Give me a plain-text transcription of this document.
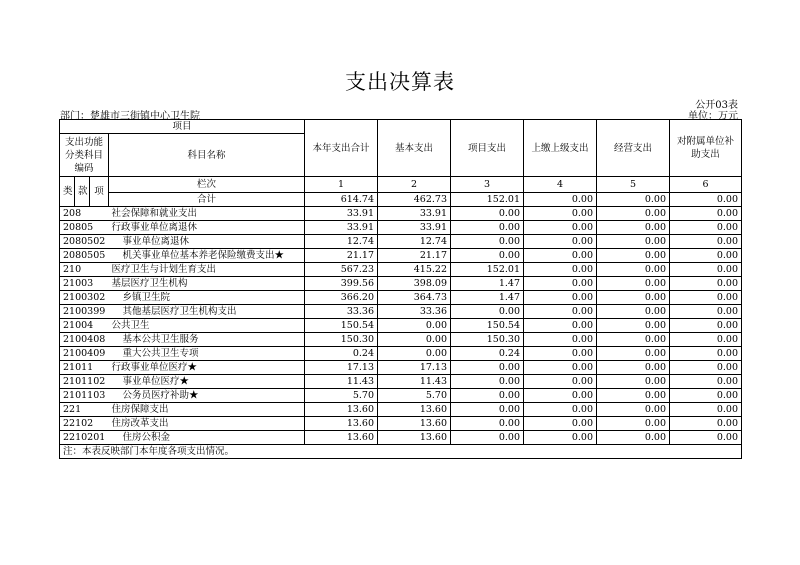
支出决算表
公开03表
部门：楚雄市三街镇中心卫生院	单位：万元
项目				本年支出合计	基本支出	项目支出	上缴上级支出	经营支出	对附属单位补助支出
支出功能分类科目编码			科目名称						
类	款	项	栏次	1	2	3	4	5	6
			合计	614.74	462.73	152.01	0.00	0.00	0.00
208			社会保障和就业支出	33.91	33.91	0.00	0.00	0.00	0.00
20805			行政事业单位离退休	33.91	33.91	0.00	0.00	0.00	0.00
2080502			事业单位离退休	12.74	12.74	0.00	0.00	0.00	0.00
2080505			机关事业单位基本养老保险缴费支出★	21.17	21.17	0.00	0.00	0.00	0.00
210			医疗卫生与计划生育支出	567.23	415.22	152.01	0.00	0.00	0.00
21003			基层医疗卫生机构	399.56	398.09	1.47	0.00	0.00	0.00
2100302			乡镇卫生院	366.20	364.73	1.47	0.00	0.00	0.00
2100399			其他基层医疗卫生机构支出	33.36	33.36	0.00	0.00	0.00	0.00
21004			公共卫生	150.54	0.00	150.54	0.00	0.00	0.00
2100408			基本公共卫生服务	150.30	0.00	150.30	0.00	0.00	0.00
2100409			重大公共卫生专项	0.24	0.00	0.24	0.00	0.00	0.00
21011			行政事业单位医疗★	17.13	17.13	0.00	0.00	0.00	0.00
2101102			事业单位医疗★	11.43	11.43	0.00	0.00	0.00	0.00
2101103			公务员医疗补助★	5.70	5.70	0.00	0.00	0.00	0.00
221			住房保障支出	13.60	13.60	0.00	0.00	0.00	0.00
22102			住房改革支出	13.60	13.60	0.00	0.00	0.00	0.00
2210201			住房公积金	13.60	13.60	0.00	0.00	0.00	0.00
注：本表反映部门本年度各项支出情况。									
